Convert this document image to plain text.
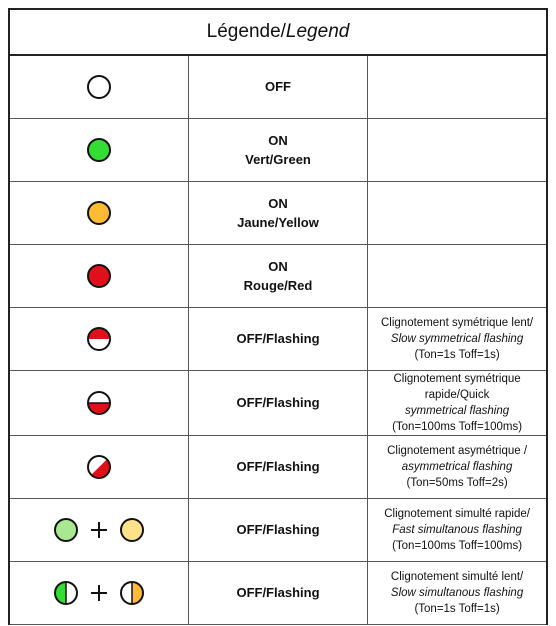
Légende/Legend		

OFF	

ON
Vert/Green	

ON
Jaune/Yellow	

ON
Rouge/Red	

OFF/Flashing	Clignotement symétrique lent/
Slow symmetrical flashing
(Ton=1s Toff=1s)

OFF/Flashing	Clignotement symétrique rapide/Quick
symmetrical flashing
(Ton=100ms Toff=100ms)

OFF/Flashing	Clignotement asymétrique /
asymmetrical flashing
(Ton=50ms Toff=2s)

OFF/Flashing	Clignotement simulté rapide/
Fast simultanous flashing
(Ton=100ms Toff=100ms)

OFF/Flashing	Clignotement simulté lent/
Slow simultanous flashing
(Ton=1s Toff=1s)
